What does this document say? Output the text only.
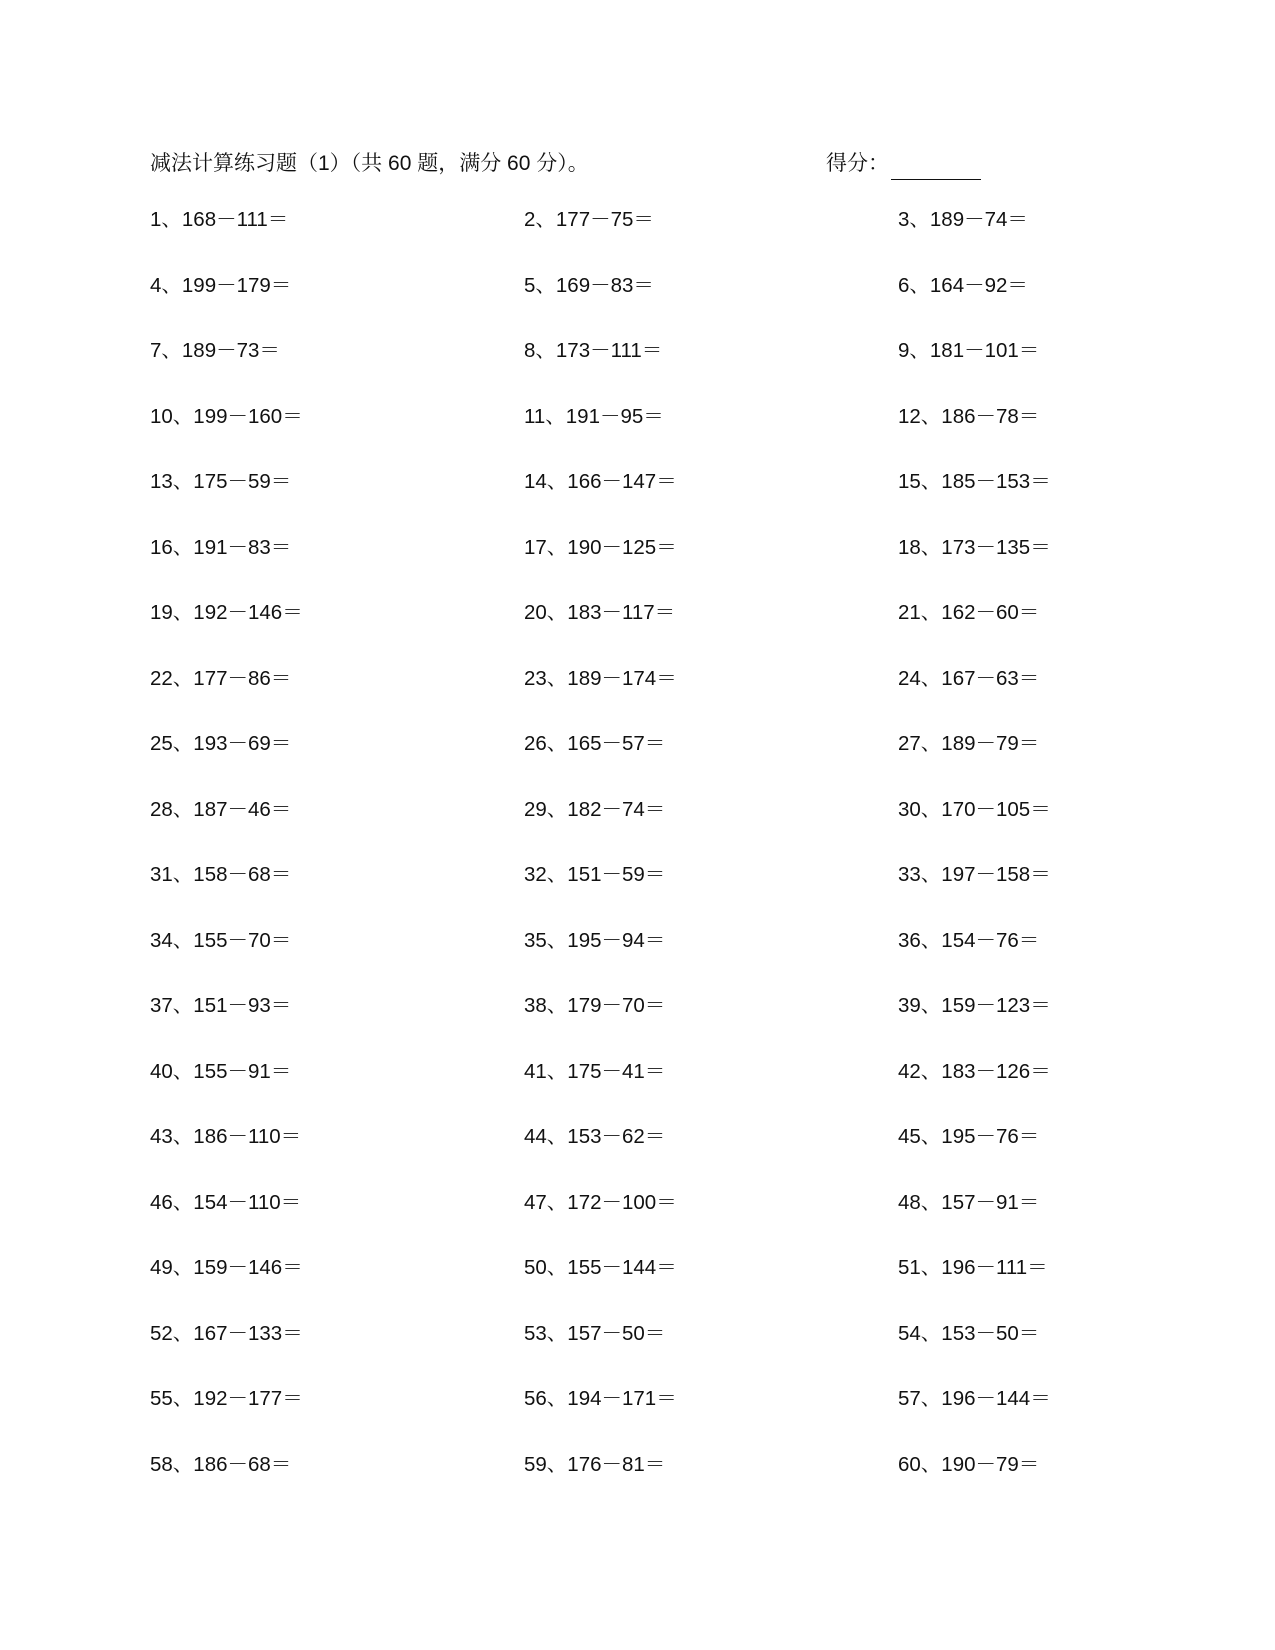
减法计算练习题（1）（共 60 题，满分 60 分）。	得分：
1、168－111＝	2、177－75＝	3、189－74＝
4、199－179＝	5、169－83＝	6、164－92＝
7、189－73＝	8、173－111＝	9、181－101＝
10、199－160＝	11、191－95＝	12、186－78＝
13、175－59＝	14、166－147＝	15、185－153＝
16、191－83＝	17、190－125＝	18、173－135＝
19、192－146＝	20、183－117＝	21、162－60＝
22、177－86＝	23、189－174＝	24、167－63＝
25、193－69＝	26、165－57＝	27、189－79＝
28、187－46＝	29、182－74＝	30、170－105＝
31、158－68＝	32、151－59＝	33、197－158＝
34、155－70＝	35、195－94＝	36、154－76＝
37、151－93＝	38、179－70＝	39、159－123＝
40、155－91＝	41、175－41＝	42、183－126＝
43、186－110＝	44、153－62＝	45、195－76＝
46、154－110＝	47、172－100＝	48、157－91＝
49、159－146＝	50、155－144＝	51、196－111＝
52、167－133＝	53、157－50＝	54、153－50＝
55、192－177＝	56、194－171＝	57、196－144＝
58、186－68＝	59、176－81＝	60、190－79＝
